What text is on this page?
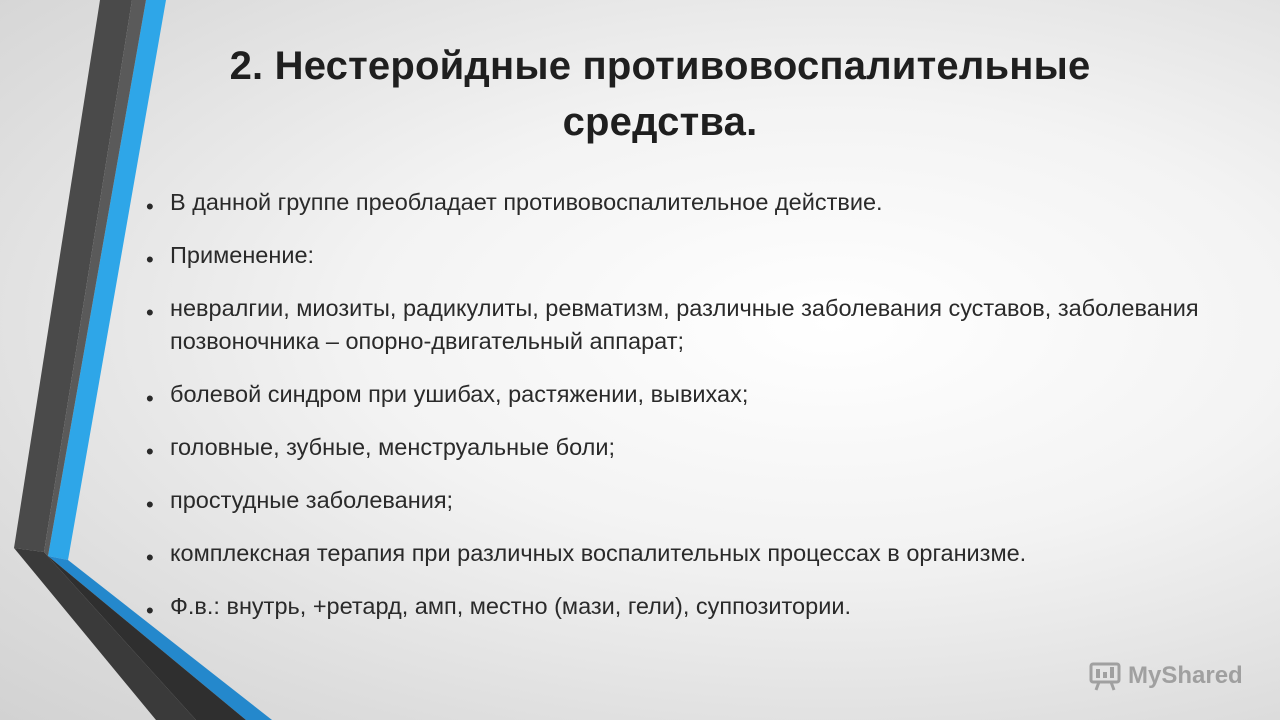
2. Нестеройдные противовоспалительные средства.
• В данной группе преобладает противовоспалительное действие.
• Применение:
• невралгии, миозиты, радикулиты, ревматизм, различные заболевания суставов, заболевания позвоночника – опорно-двигательный аппарат;
• болевой синдром при ушибах, растяжении, вывихах;
• головные, зубные, менструальные боли;
• простудные заболевания;
• комплексная терапия при различных воспалительных процессах в организме.
• Ф.в.: внутрь, +ретард, амп, местно (мази, гели), суппозитории.
MyShared
